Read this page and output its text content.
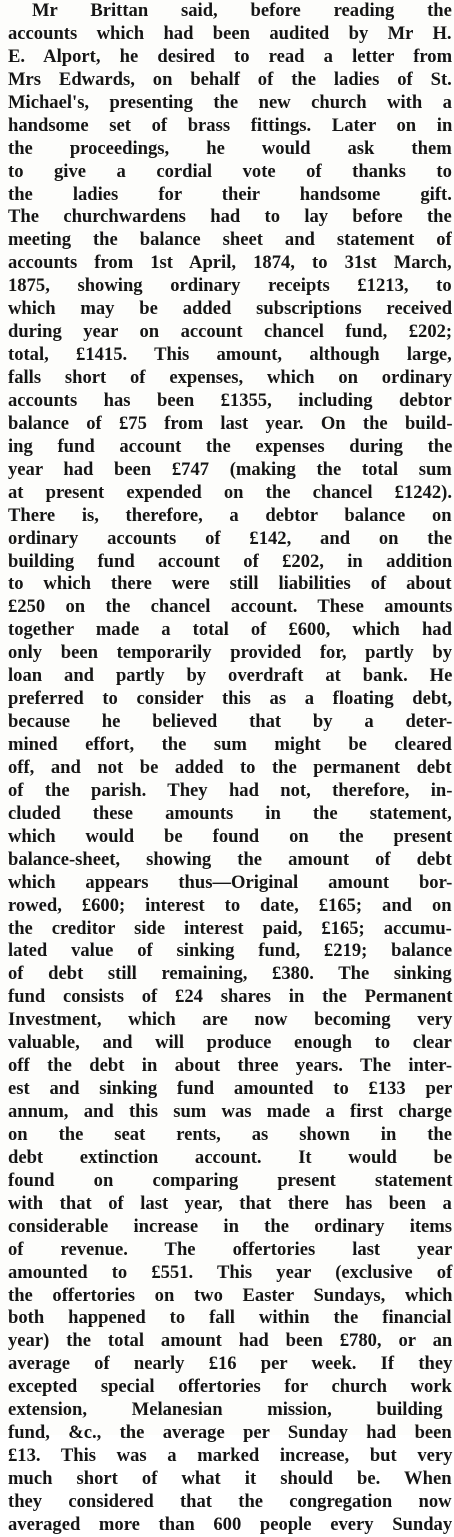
Mr Brittan said, before reading the
accounts which had been audited by Mr H.
E. Alport, he desired to read a letter from
Mrs Edwards, on behalf of the ladies of St.
Michael's, presenting the new church with a
handsome set of brass fittings. Later on in
the proceedings, he would ask them
to give a cordial vote of thanks to
the ladies for their handsome gift.
The churchwardens had to lay before the
meeting the balance sheet and statement of
accounts from 1st April, 1874, to 31st March,
1875, showing ordinary receipts £1213, to
which may be added subscriptions received
during year on account chancel fund, £202;
total, £1415. This amount, although large,
falls short of expenses, which on ordinary
accounts has been £1355, including debtor
balance of £75 from last year. On the build-
ing fund account the expenses during the
year had been £747 (making the total sum
at present expended on the chancel £1242).
There is, therefore, a debtor balance on
ordinary accounts of £142, and on the
building fund account of £202, in addition
to which there were still liabilities of about
£250 on the chancel account. These amounts
together made a total of £600, which had
only been temporarily provided for, partly by
loan and partly by overdraft at bank. He
preferred to consider this as a floating debt,
because he believed that by a deter-
mined effort, the sum might be cleared
off, and not be added to the permanent debt
of the parish. They had not, therefore, in-
cluded these amounts in the statement,
which would be found on the present
balance-sheet, showing the amount of debt
which appears thus—Original amount bor-
rowed, £600; interest to date, £165; and on
the creditor side interest paid, £165; accumu-
lated value of sinking fund, £219; balance
of debt still remaining, £380. The sinking
fund consists of £24 shares in the Permanent
Investment, which are now becoming very
valuable, and will produce enough to clear
off the debt in about three years. The inter-
est and sinking fund amounted to £133 per
annum, and this sum was made a first charge
on the seat rents, as shown in the
debt extinction account. It would be
found on comparing present statement
with that of last year, that there has been a
considerable increase in the ordinary items
of revenue. The offertories last year
amounted to £551. This year (exclusive of
the offertories on two Easter Sundays, which
both happened to fall within the financial
year) the total amount had been £780, or an
average of nearly £16 per week. If they
excepted special offertories for church work
extension, Melanesian mission, building
fund, &c., the average per Sunday had been
£13. This was a marked increase, but very
much short of what it should be. When
they considered that the congregation now
averaged more than 600 people every Sunday
